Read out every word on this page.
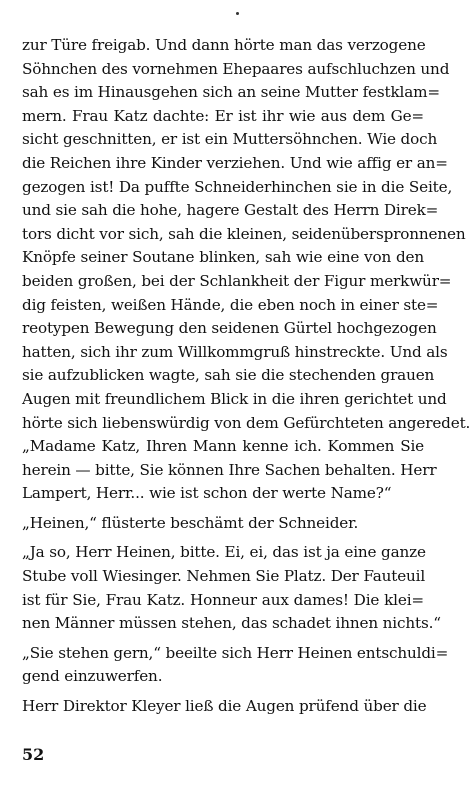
zur Türe freigab. Und dann hörte man das verzogene
Söhnchen des vornehmen Ehepaares aufschluchzen und
sah es im Hinausgehen sich an seine Mutter festklam=
mern. Frau Katz dachte: Er ist ihr wie aus dem Ge=
sicht geschnitten, er ist ein Muttersöhnchen. Wie doch
die Reichen ihre Kinder verziehen. Und wie affig er an=
gezogen ist! Da puffte Schneiderhinchen sie in die Seite,
und sie sah die hohe, hagere Gestalt des Herrn Direk=
tors dicht vor sich, sah die kleinen, seidenüberspronnenen
Knöpfe seiner Soutane blinken, sah wie eine von den
beiden großen, bei der Schlankheit der Figur merkwür=
dig feisten, weißen Hände, die eben noch in einer ste=
reotypen Bewegung den seidenen Gürtel hochgezogen
hatten, sich ihr zum Willkommgruß hinstreckte. Und als
sie aufzublicken wagte, sah sie die stechenden grauen
Augen mit freundlichem Blick in die ihren gerichtet und
hörte sich liebenswürdig von dem Gefürchteten angeredet.
„Madame Katz, Ihren Mann kenne ich. Kommen Sie
herein — bitte, Sie können Ihre Sachen behalten. Herr
Lampert, Herr... wie ist schon der werte Name?“
„Heinen,“ flüsterte beschämt der Schneider.
„Ja so, Herr Heinen, bitte. Ei, ei, das ist ja eine ganze
Stube voll Wiesinger. Nehmen Sie Platz. Der Fauteuil
ist für Sie, Frau Katz. Honneur aux dames! Die klei=
nen Männer müssen stehen, das schadet ihnen nichts.“
„Sie stehen gern,“ beeilte sich Herr Heinen entschuldi=
gend einzuwerfen.
Herr Direktor Kleyer ließ die Augen prüfend über die
52
